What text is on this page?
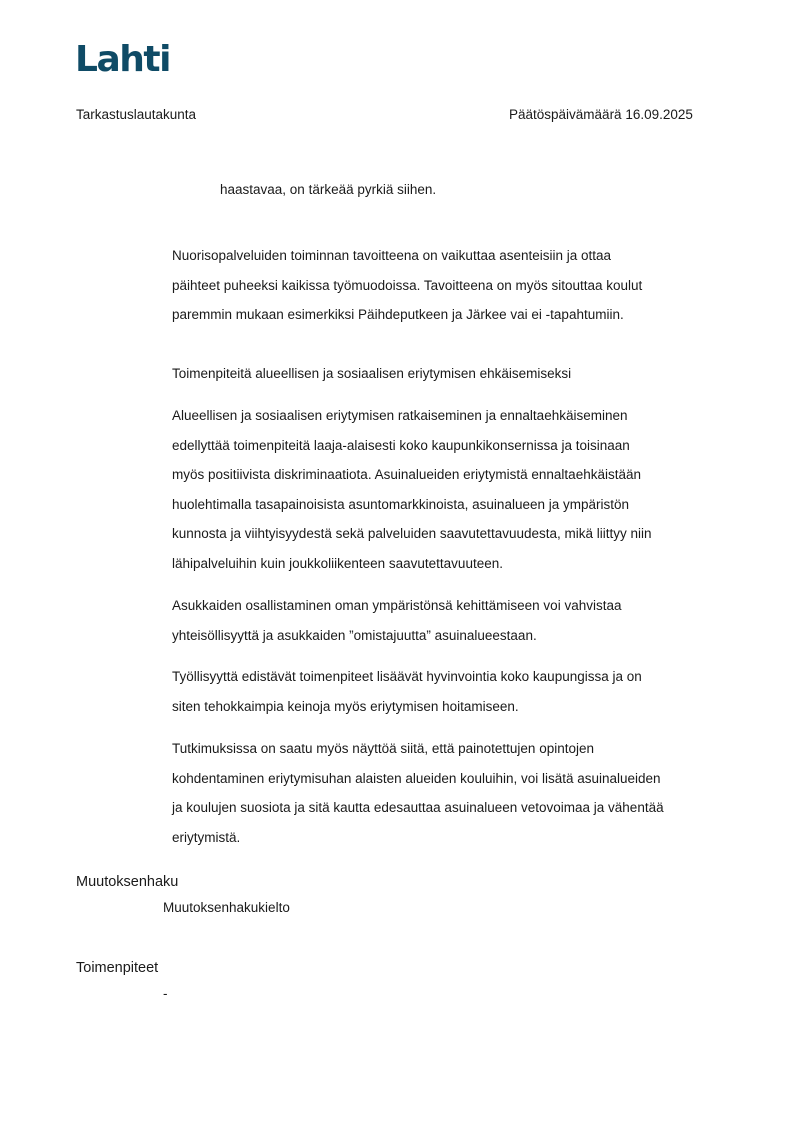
Lahti
Tarkastuslautakunta	Päätöspäivämäärä 16.09.2025

haastavaa, on tärkeää pyrkiä siihen.

Nuorisopalveluiden toiminnan tavoitteena on vaikuttaa asenteisiin ja ottaa
päihteet puheeksi kaikissa työmuodoissa. Tavoitteena on myös sitouttaa koulut
paremmin mukaan esimerkiksi Päihdeputkeen ja Järkee vai ei -tapahtumiin.

Toimenpiteitä alueellisen ja sosiaalisen eriytymisen ehkäisemiseksi

Alueellisen ja sosiaalisen eriytymisen ratkaiseminen ja ennaltaehkäiseminen
edellyttää toimenpiteitä laaja-alaisesti koko kaupunkikonsernissa ja toisinaan
myös positiivista diskriminaatiota. Asuinalueiden eriytymistä ennaltaehkäistään
huolehtimalla tasapainoisista asuntomarkkinoista, asuinalueen ja ympäristön
kunnosta ja viihtyisyydestä sekä palveluiden saavutettavuudesta, mikä liittyy niin
lähipalveluihin kuin joukkoliikenteen saavutettavuuteen.

Asukkaiden osallistaminen oman ympäristönsä kehittämiseen voi vahvistaa
yhteisöllisyyttä ja asukkaiden ”omistajuutta” asuinalueestaan.

Työllisyyttä edistävät toimenpiteet lisäävät hyvinvointia koko kaupungissa ja on
siten tehokkaimpia keinoja myös eriytymisen hoitamiseen.

Tutkimuksissa on saatu myös näyttöä siitä, että painotettujen opintojen
kohdentaminen eriytymisuhan alaisten alueiden kouluihin, voi lisätä asuinalueiden
ja koulujen suosiota ja sitä kautta edesauttaa asuinalueen vetovoimaa ja vähentää
eriytymistä.

Muutoksenhaku
Muutoksenhakukielto
Toimenpiteet
-
